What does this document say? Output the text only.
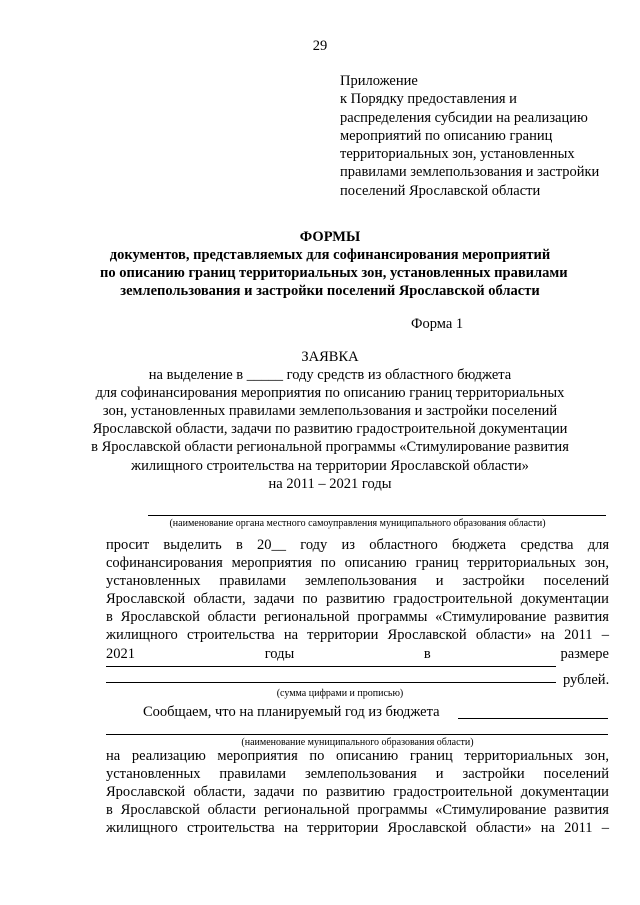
29
Приложение
к Порядку предоставления и
распределения субсидии на реализацию
мероприятий по описанию границ
территориальных зон, установленных
правилами землепользования и застройки
поселений Ярославской области
ФОРМЫ
документов, представляемых для софинансирования мероприятий
по описанию границ территориальных зон, установленных правилами
землепользования и застройки поселений Ярославской области
Форма 1
ЗАЯВКА
на выделение в _____ году средств из областного бюджета
для софинансирования мероприятия по описанию границ территориальных
зон, установленных правилами землепользования и застройки поселений
Ярославской области, задачи по развитию градостроительной документации
в Ярославской области региональной программы «Стимулирование развития
жилищного строительства на территории Ярославской области»
на 2011 – 2021 годы
(наименование органа местного самоуправления муниципального образования области)
просит выделить в 20__ году из областного бюджета средства для
софинансирования мероприятия по описанию границ территориальных зон,
установленных правилами землепользования и застройки поселений
Ярославской области, задачи по развитию градостроительной документации
в Ярославской области региональной программы «Стимулирование развития
жилищного строительства на территории Ярославской области» на 2011 –
2021	годы	в	размере
рублей.
(сумма цифрами и прописью)
Сообщаем, что на планируемый год из бюджета
(наименование муниципального образования области)
на реализацию мероприятия по описанию границ территориальных зон,
установленных правилами землепользования и застройки поселений
Ярославской области, задачи по развитию градостроительной документации
в Ярославской области региональной программы «Стимулирование развития
жилищного строительства на территории Ярославской области» на 2011 –
